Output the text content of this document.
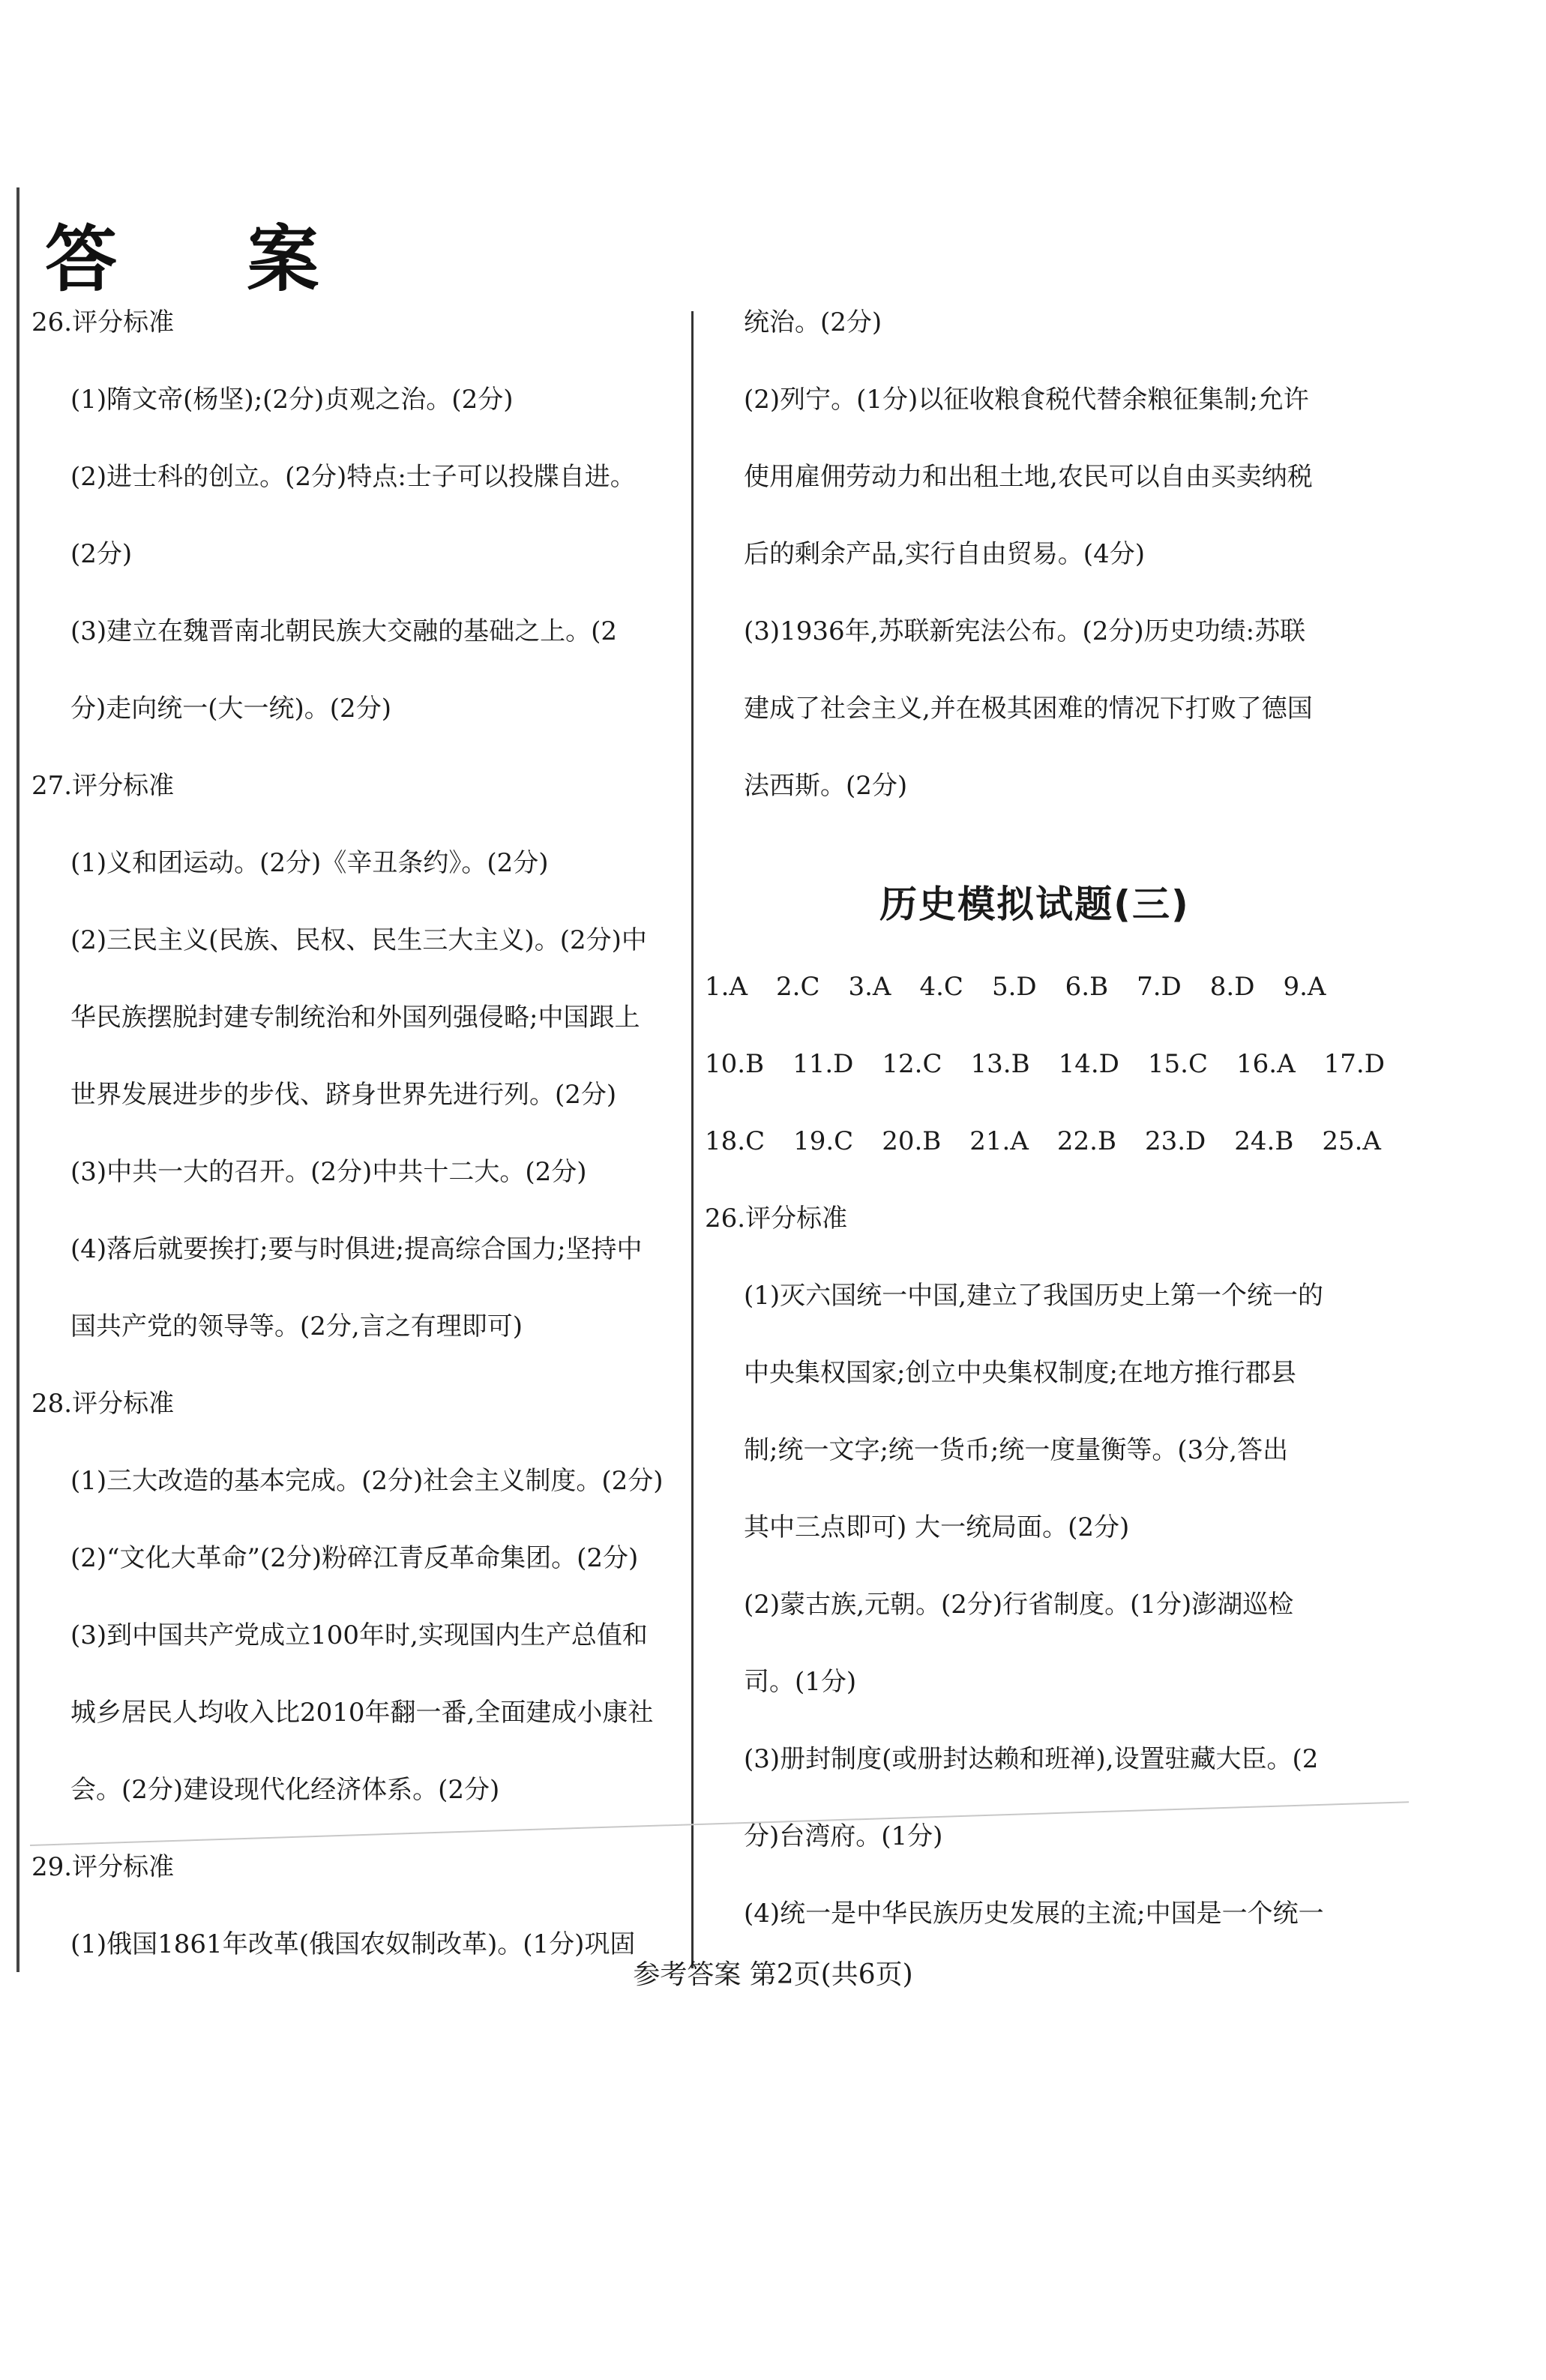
答 案
26.评分标准
(1)隋文帝(杨坚);(2分)贞观之治。(2分)
(2)进士科的创立。(2分)特点:士子可以投牒自进。
(2分)
(3)建立在魏晋南北朝民族大交融的基础之上。(2
分)走向统一(大一统)。(2分)
27.评分标准
(1)义和团运动。(2分)《辛丑条约》。(2分)
(2)三民主义(民族、民权、民生三大主义)。(2分)中
华民族摆脱封建专制统治和外国列强侵略;中国跟上
世界发展进步的步伐、跻身世界先进行列。(2分)
(3)中共一大的召开。(2分)中共十二大。(2分)
(4)落后就要挨打;要与时俱进;提高综合国力;坚持中
国共产党的领导等。(2分,言之有理即可)
28.评分标准
(1)三大改造的基本完成。(2分)社会主义制度。(2分)
(2)“文化大革命”(2分)粉碎江青反革命集团。(2分)
(3)到中国共产党成立100年时,实现国内生产总值和
城乡居民人均收入比2010年翻一番,全面建成小康社
会。(2分)建设现代化经济体系。(2分)
29.评分标准
(1)俄国1861年改革(俄国农奴制改革)。(1分)巩固
统治。(2分)
(2)列宁。(1分)以征收粮食税代替余粮征集制;允许
使用雇佣劳动力和出租土地,农民可以自由买卖纳税
后的剩余产品,实行自由贸易。(4分)
(3)1936年,苏联新宪法公布。(2分)历史功绩:苏联
建成了社会主义,并在极其困难的情况下打败了德国
法西斯。(2分)
历史模拟试题(三)
1.A 2.C 3.A 4.C 5.D 6.B 7.D 8.D 9.A
10.B 11.D 12.C 13.B 14.D 15.C 16.A 17.D
18.C 19.C 20.B 21.A 22.B 23.D 24.B 25.A
26.评分标准
(1)灭六国统一中国,建立了我国历史上第一个统一的
中央集权国家;创立中央集权制度;在地方推行郡县
制;统一文字;统一货币;统一度量衡等。(3分,答出
其中三点即可) 大一统局面。(2分)
(2)蒙古族,元朝。(2分)行省制度。(1分)澎湖巡检
司。(1分)
(3)册封制度(或册封达赖和班禅),设置驻藏大臣。(2
分)台湾府。(1分)
(4)统一是中华民族历史发展的主流;中国是一个统一
参考答案 第2页(共6页)
